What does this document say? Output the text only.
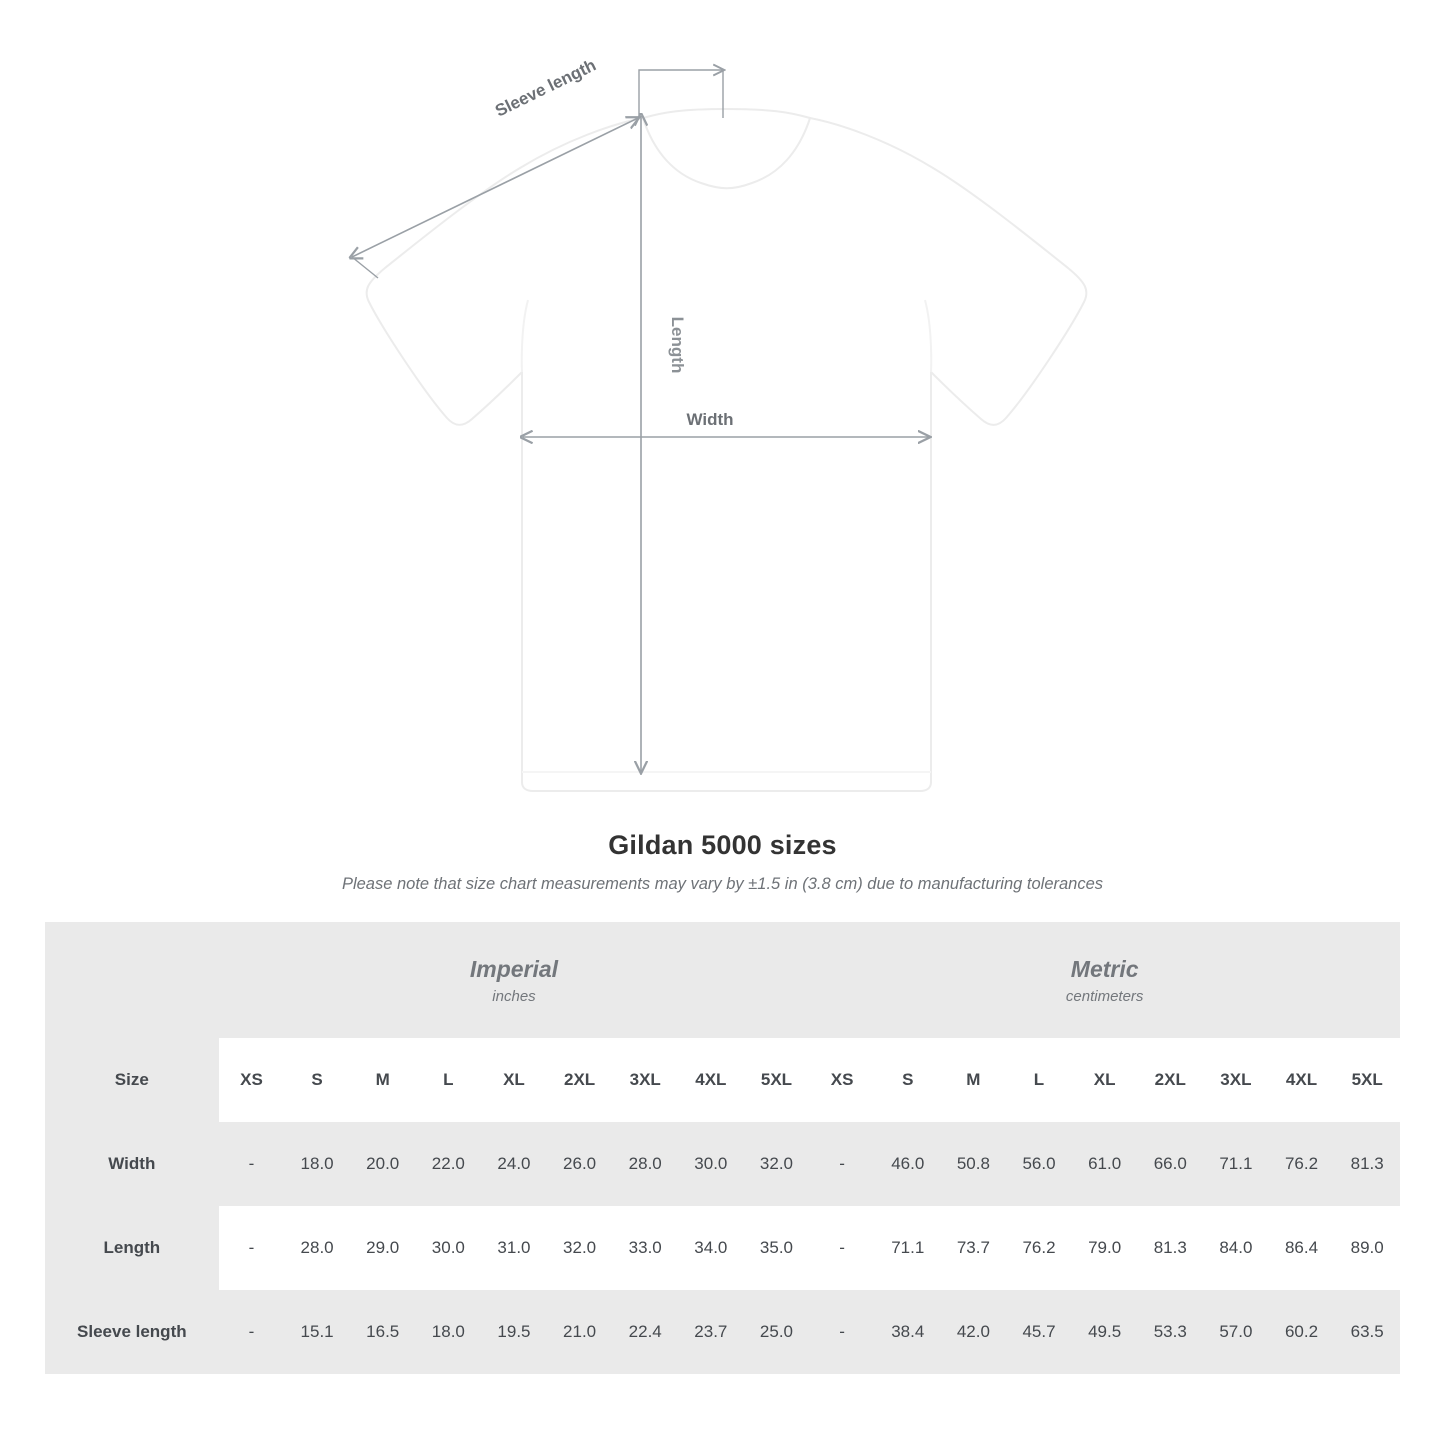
Length
Width
Sleeve length
Gildan 5000 sizes
Please note that size chart measurements may vary by ±1.5 in (3.8 cm) due to manufacturing tolerances

Imperial
inches

Metric
centimeters

Size	XS	S	M	L	XL	2XL	3XL	4XL	5XL	XS	S	M	L	XL	2XL	3XL	4XL	5XL
Width	-	18.0	20.0	22.0	24.0	26.0	28.0	30.0	32.0	-	46.0	50.8	56.0	61.0	66.0	71.1	76.2	81.3
Length	-	28.0	29.0	30.0	31.0	32.0	33.0	34.0	35.0	-	71.1	73.7	76.2	79.0	81.3	84.0	86.4	89.0
Sleeve length	-	15.1	16.5	18.0	19.5	21.0	22.4	23.7	25.0	-	38.4	42.0	45.7	49.5	53.3	57.0	60.2	63.5
